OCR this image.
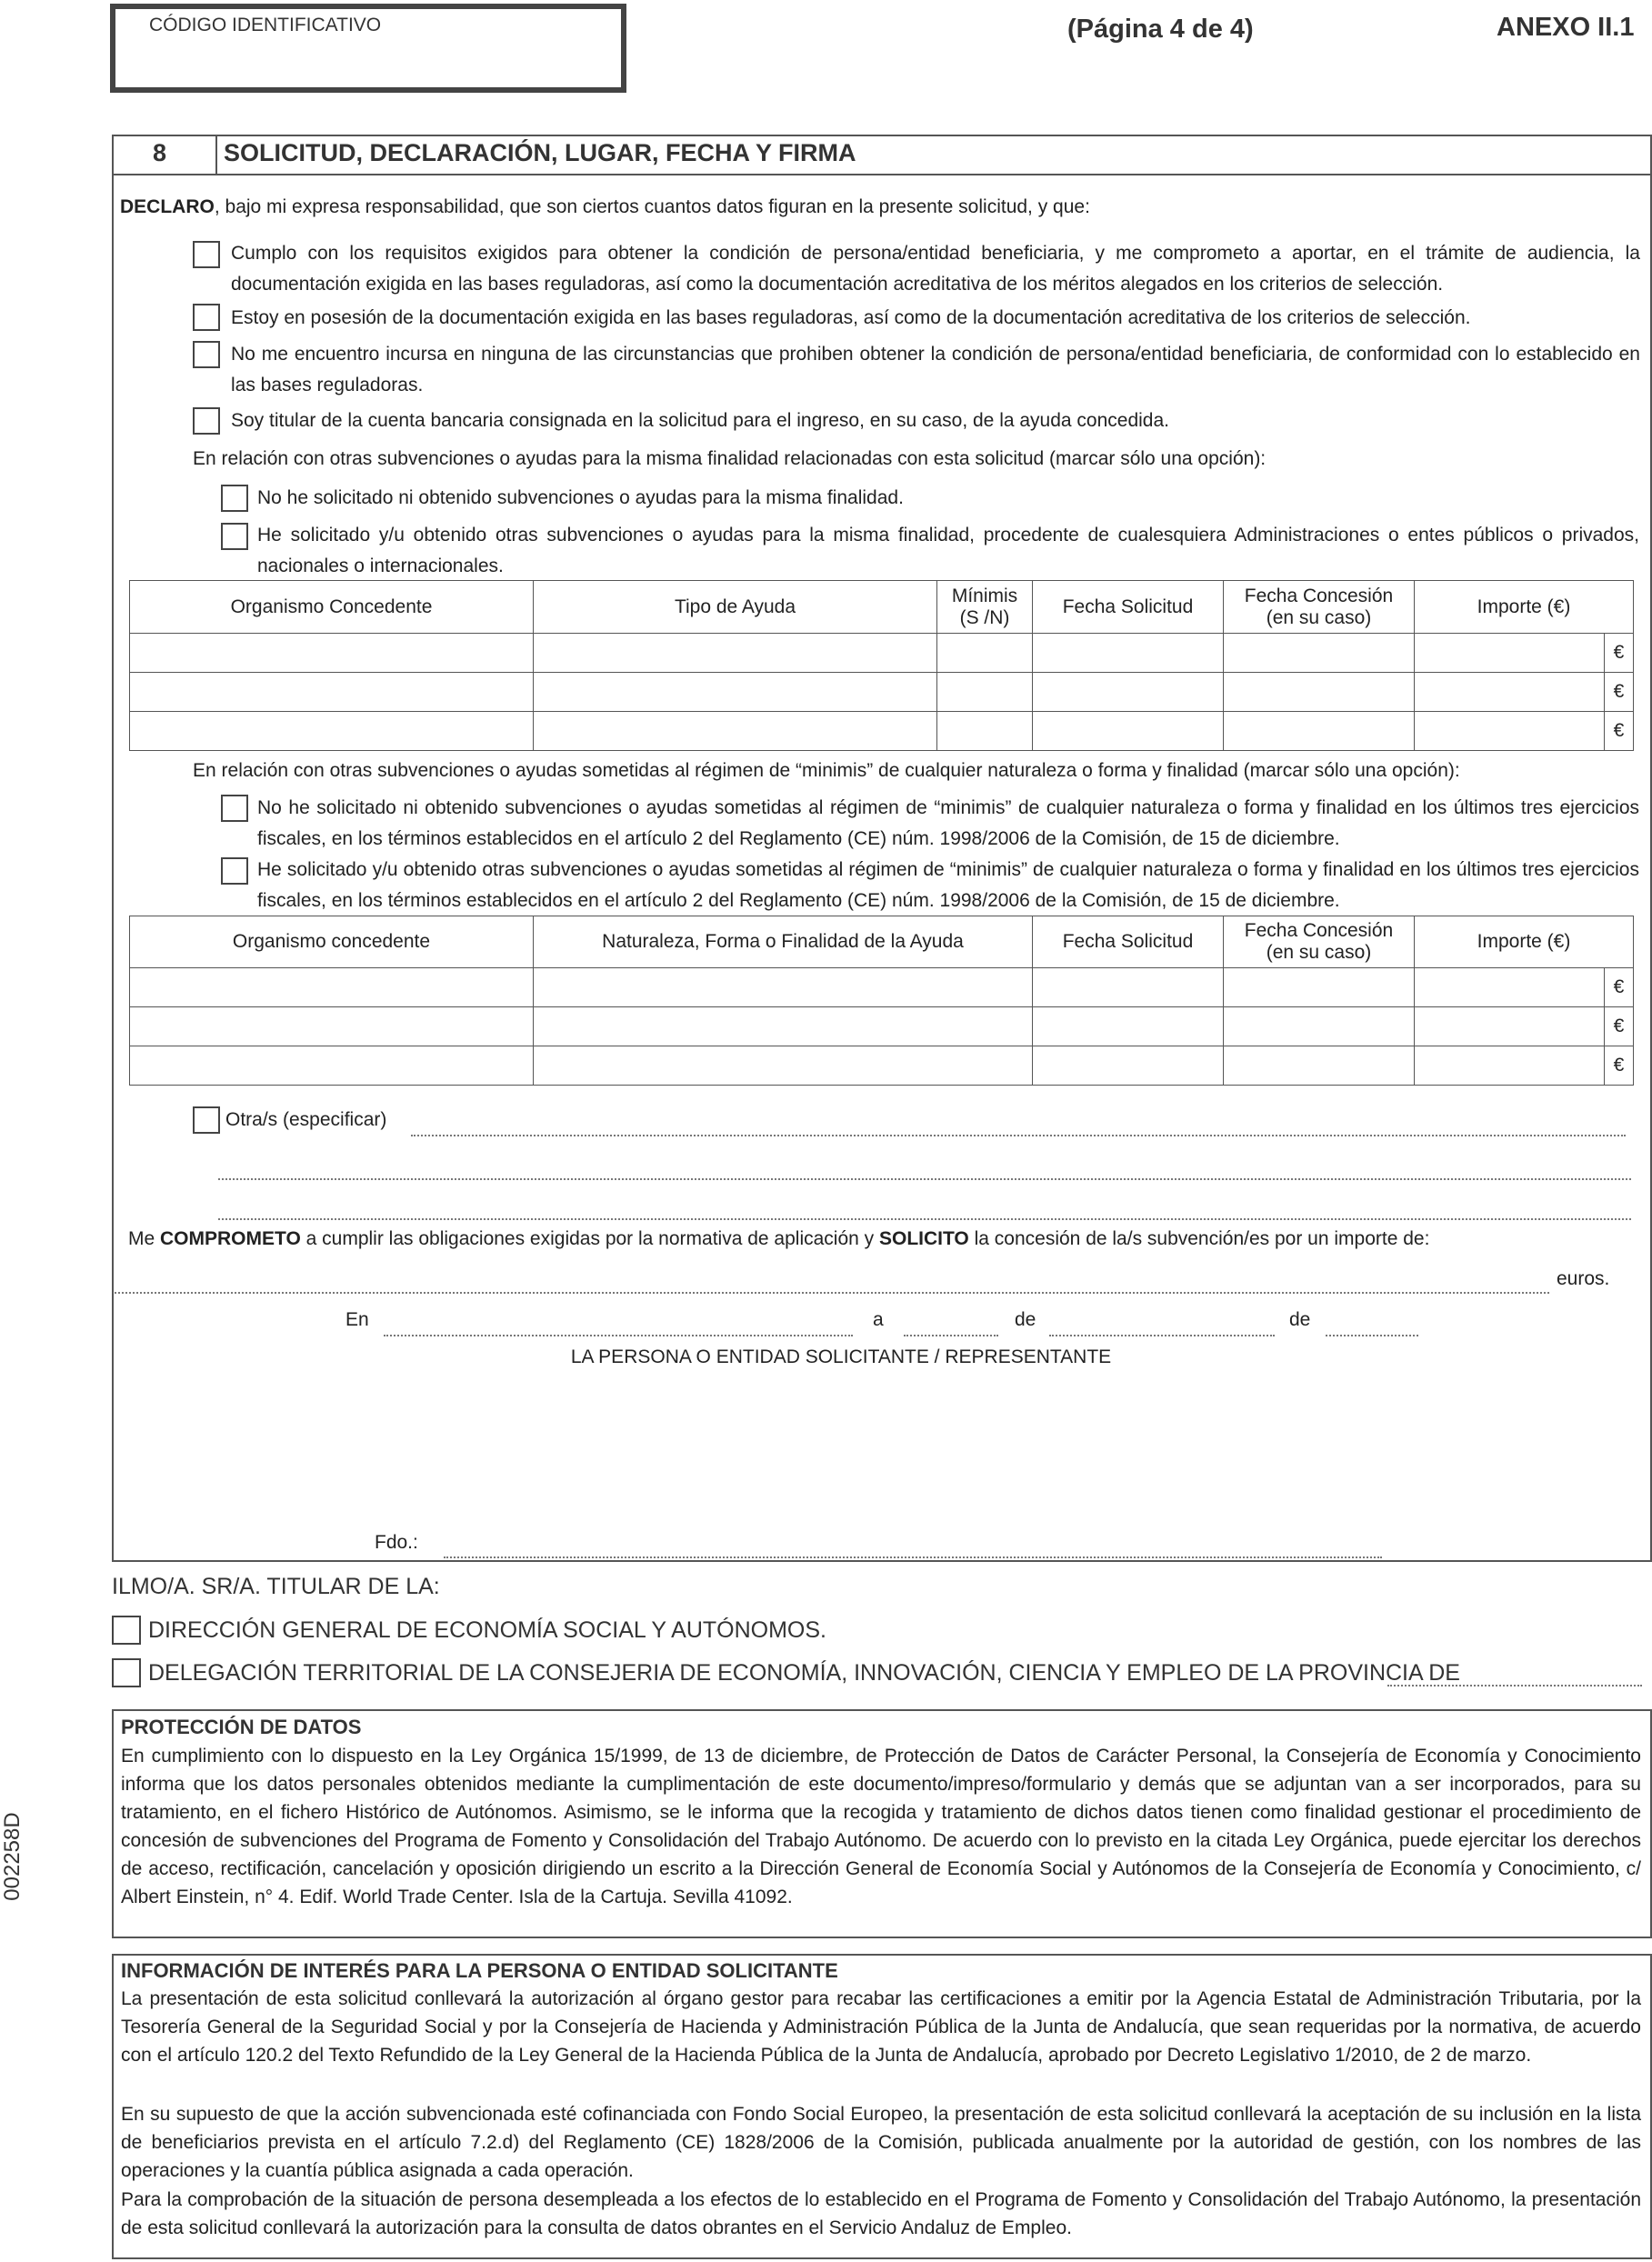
CÓDIGO IDENTIFICATIVO	(Página 4 de 4)	ANEXO II.1
8 SOLICITUD, DECLARACIÓN, LUGAR, FECHA Y FIRMA
DECLARO, bajo mi expresa responsabilidad, que son ciertos cuantos datos figuran en la presente solicitud, y que:
Cumplo con los requisitos exigidos para obtener la condición de persona/entidad beneficiaria, y me comprometo a aportar, en el trámite de audiencia, la documentación exigida en las bases reguladoras, así como la documentación acreditativa de los méritos alegados en los criterios de selección.
Estoy en posesión de la documentación exigida en las bases reguladoras, así como de la documentación acreditativa de los criterios de selección.
No me encuentro incursa en ninguna de las circunstancias que prohiben obtener la condición de persona/entidad beneficiaria, de conformidad con lo establecido en las bases reguladoras.
Soy titular de la cuenta bancaria consignada en la solicitud para el ingreso, en su caso, de la ayuda concedida.
En relación con otras subvenciones o ayudas para la misma finalidad relacionadas con esta solicitud (marcar sólo una opción):
No he solicitado ni obtenido subvenciones o ayudas para la misma finalidad.
He solicitado y/u obtenido otras subvenciones o ayudas para la misma finalidad, procedente de cualesquiera Administraciones o entes públicos o privados, nacionales o internacionales.
Organismo Concedente	Tipo de Ayuda	Mínimis (S /N)	Fecha Solicitud	Fecha Concesión (en su caso)	Importe (€)	
						€
						€
						€
En relación con otras subvenciones o ayudas sometidas al régimen de “minimis” de cualquier naturaleza o forma y finalidad (marcar sólo una opción):
No he solicitado ni obtenido subvenciones o ayudas sometidas al régimen de “minimis” de cualquier naturaleza o forma y finalidad en los últimos tres ejercicios fiscales, en los términos establecidos en el artículo 2 del Reglamento (CE) núm. 1998/2006 de la Comisión, de 15 de diciembre.
He solicitado y/u obtenido otras subvenciones o ayudas sometidas al régimen de “minimis” de cualquier naturaleza o forma y finalidad en los últimos tres ejercicios fiscales, en los términos establecidos en el artículo 2 del Reglamento (CE) núm. 1998/2006 de la Comisión, de 15 de diciembre.
Organismo concedente	Naturaleza, Forma o Finalidad de la Ayuda	Fecha Solicitud	Fecha Concesión (en su caso)	Importe (€)	
					€
					€
					€
Otra/s (especificar)
Me COMPROMETO a cumplir las obligaciones exigidas por la normativa de aplicación y SOLICITO la concesión de la/s subvención/es por un importe de:
euros.
En	a	de	de
LA PERSONA O ENTIDAD SOLICITANTE / REPRESENTANTE
Fdo.:
ILMO/A. SR/A. TITULAR DE LA:
DIRECCIÓN GENERAL DE ECONOMÍA SOCIAL Y AUTÓNOMOS.
DELEGACIÓN TERRITORIAL DE LA CONSEJERIA DE ECONOMÍA, INNOVACIÓN, CIENCIA Y EMPLEO DE LA PROVINCIA DE
PROTECCIÓN DE DATOS
En cumplimiento con lo dispuesto en la Ley Orgánica 15/1999, de 13 de diciembre, de Protección de Datos de Carácter Personal, la Consejería de Economía y Conocimiento informa que los datos personales obtenidos mediante la cumplimentación de este documento/impreso/formulario y demás que se adjuntan van a ser incorporados, para su tratamiento, en el fichero Histórico de Autónomos. Asimismo, se le informa que la recogida y tratamiento de dichos datos tienen como finalidad gestionar el procedimiento de concesión de subvenciones del Programa de Fomento y Consolidación del Trabajo Autónomo. De acuerdo con lo previsto en la citada Ley Orgánica, puede ejercitar los derechos de acceso, rectificación, cancelación y oposición dirigiendo un escrito a la Dirección General de Economía Social y Autónomos de la Consejería de Economía y Conocimiento, c/ Albert Einstein, n° 4. Edif. World Trade Center. Isla de la Cartuja. Sevilla 41092.
INFORMACIÓN DE INTERÉS PARA LA PERSONA O ENTIDAD SOLICITANTE
La presentación de esta solicitud conllevará la autorización al órgano gestor para recabar las certificaciones a emitir por la Agencia Estatal de Administración Tributaria, por la Tesorería General de la Seguridad Social y por la Consejería de Hacienda y Administración Pública de la Junta de Andalucía, que sean requeridas por la normativa, de acuerdo con el artículo 120.2 del Texto Refundido de la Ley General de la Hacienda Pública de la Junta de Andalucía, aprobado por Decreto Legislativo 1/2010, de 2 de marzo.
En su supuesto de que la acción subvencionada esté cofinanciada con Fondo Social Europeo, la presentación de esta solicitud conllevará la aceptación de su inclusión en la lista de beneficiarios prevista en el artículo 7.2.d) del Reglamento (CE) 1828/2006 de la Comisión, publicada anualmente por la autoridad de gestión, con los nombres de las operaciones y la cuantía pública asignada a cada operación.
Para la comprobación de la situación de persona desempleada a los efectos de lo establecido en el Programa de Fomento y Consolidación del Trabajo Autónomo, la presentación de esta solicitud conllevará la autorización para la consulta de datos obrantes en el Servicio Andaluz de Empleo.
002258D
